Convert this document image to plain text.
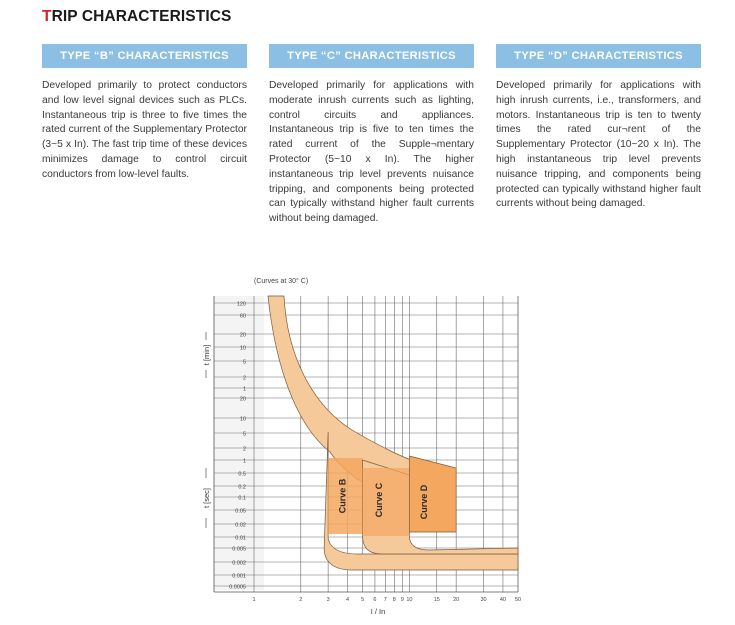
TRIP CHARACTERISTICS
TYPE “B” CHARACTERISTICS
Developed primarily to protect conductors and low level signal devices such as PLCs. Instantaneous trip is three to five times the rated current of the Supplementary Protector (3~5 x In). The fast trip time of these devices minimizes damage to control circuit conductors from low-level faults.
TYPE “C” CHARACTERISTICS
Developed primarily for applications with moderate inrush currents such as lighting, control circuits and appliances. Instantaneous trip is five to ten times the rated current of the Supple¬mentary Protector (5~10 x In). The higher instantaneous trip level prevents nuisance tripping, and components being protected can typically withstand higher fault currents without being damaged.
TYPE “D” CHARACTERISTICS
Developed primarily for applications with high inrush currents, i.e., transformers, and motors. Instantaneous trip is ten to twenty times the rated cur¬rent of the Supplementary Protector (10~20 x In). The high instantaneous trip level prevents nuisance tripping, and components being protected can typically withstand higher fault currents without being damaged.
(Curves at 30° C)
120
60
20
10
5
2
1
20
10
5
2
1
0.5
0.2
0.1
0.05
0.02
0.01
0.005
0.002
0.001
0.0005
1	2	3	4 5 6 7 8 9 10	15 20	30 40 50
t [min]
t [sec]
I / In
Curve B	Curve C	Curve D
